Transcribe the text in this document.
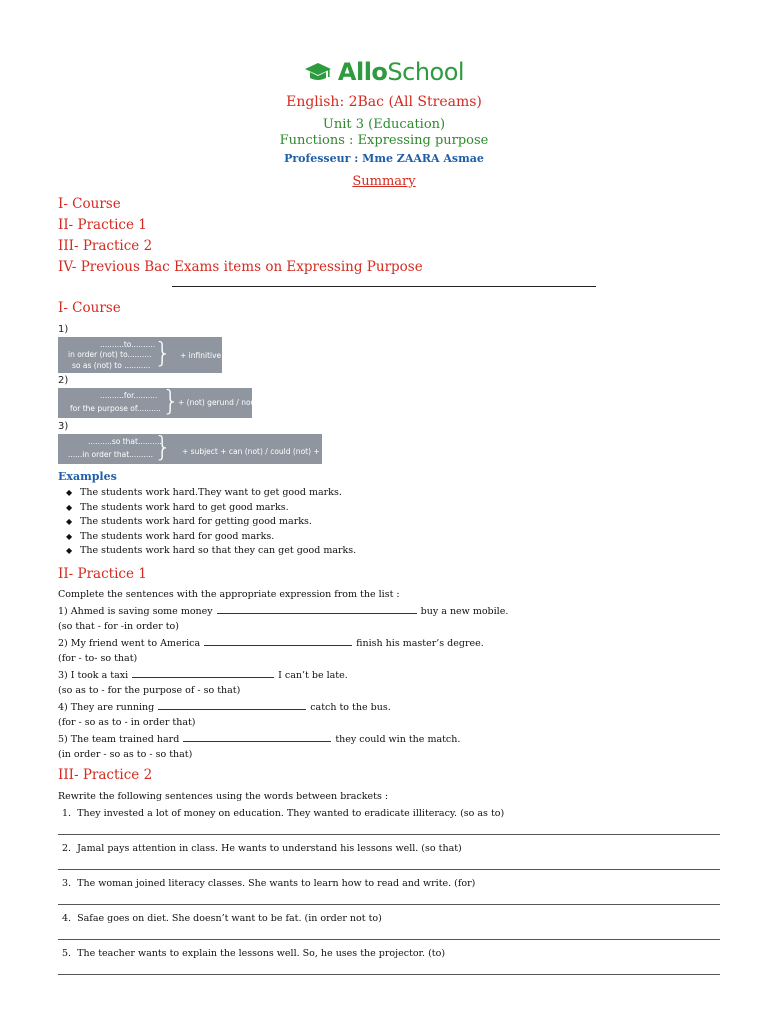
AlloSchool
English: 2Bac (All Streams)
Unit 3 (Education)
Functions : Expressing purpose
Professeur : Mme ZAARA Asmae
Summary
I- Course
II- Practice 1
III- Practice 2
IV- Previous Bac Exams items on Expressing Purpose
I- Course
1)
..........to..........
in order (not) to..........
so as (not) to ........... } + infinitive
2)
..........for..........
for the purpose of.......... }
+ (not) gerund / noun
3)
..........so that..........
......in order that.......... } + subject + can (not) / could (not) + infinitive
Examples
◆ The students work hard.They want to get good marks.
◆ The students work hard to get good marks.
◆ The students work hard for getting good marks.
◆ The students work hard for good marks.
◆ The students work hard so that they can get good marks.
II- Practice 1
Complete the sentences with the appropriate expression from the list :
1) Ahmed is saving some money	buy a new mobile.
(so that - for -in order to)
2) My friend went to America	finish his master’s degree.
(for - to- so that)
3) I took a taxi	I can’t be late.
(so as to - for the purpose of - so that)
4) They are running	catch to the bus.
(for - so as to - in order that)
5) The team trained hard	they could win the match.
(in order - so as to - so that)
III- Practice 2
Rewrite the following sentences using the words between brackets :
1. They invested a lot of money on education. They wanted to eradicate illiteracy. (so as to)
2. Jamal pays attention in class. He wants to understand his lessons well. (so that)
3. The woman joined literacy classes. She wants to learn how to read and write. (for)
4. Safae goes on diet. She doesn’t want to be fat. (in order not to)
5. The teacher wants to explain the lessons well. So, he uses the projector. (to)
